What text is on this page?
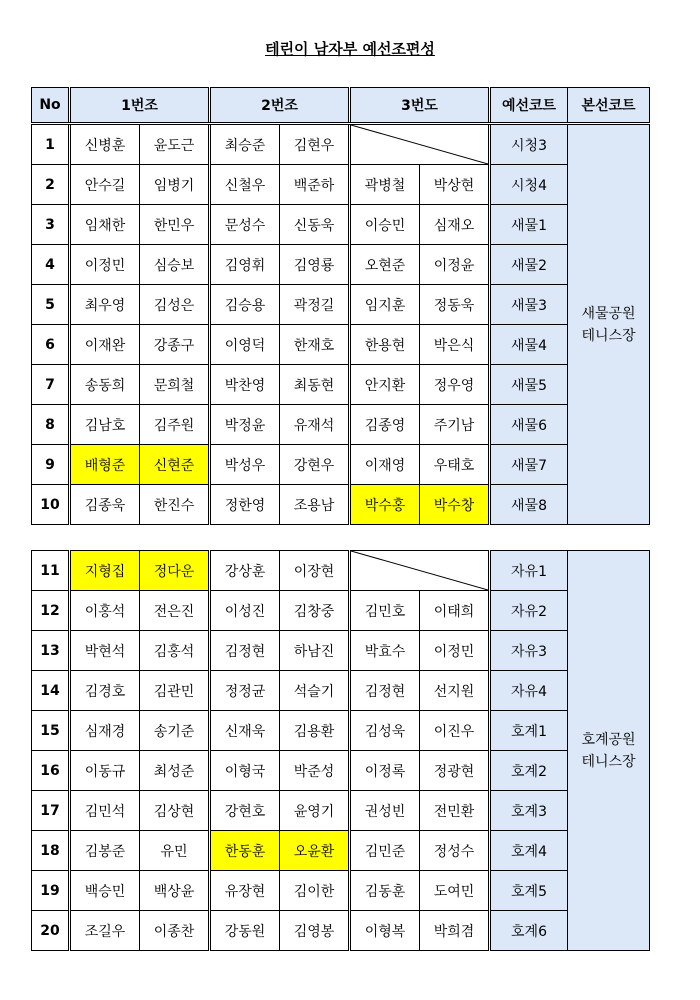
테린이 남자부 예선조편성
No	1번조		2번조		3번도		예선코트	본선코트
1	신병훈	윤도근	최승준	김현우			시청3	새물공원
테니스장

2	안수길	임병기	신철우	백준하	곽병철	박상현	시청4	
3	임채한	한민우	문성수	신동욱	이승민	심재오	새물1	
4	이정민	심승보	김영휘	김영룡	오현준	이정윤	새물2	
5	최우영	김성은	김승용	곽정길	임지훈	정동욱	새물3	
6	이재완	강종구	이영덕	한재호	한용현	박은식	새물4	
7	송동희	문희철	박찬영	최동현	안지환	정우영	새물5	
8	김남호	김주원	박정윤	유재석	김종영	주기남	새물6	
9	배형준	신현준	박성우	강현우	이재영	우태호	새물7	
10	김종욱	한진수	정한영	조용남	박수홍	박수창	새물8	
11	지형집	정다운	강상훈	이장현			자유1	호계공원
테니스장

12	이홍석	전은진	이성진	김창중	김민호	이태희	자유2	
13	박현석	김홍석	김정현	하남진	박효수	이정민	자유3	
14	김경호	김관민	정정균	석슬기	김정현	선지원	자유4	
15	심재경	송기준	신재욱	김용환	김성욱	이진우	호계1	
16	이동규	최성준	이형국	박준성	이정록	정광현	호계2	
17	김민석	김상현	강현호	윤영기	권성빈	전민환	호계3	
18	김봉준	유민	한동훈	오윤환	김민준	정성수	호계4	
19	백승민	백상윤	유장현	김이한	김동훈	도여민	호계5	
20	조길우	이종찬	강동원	김영봉	이형복	박희겸	호계6	
